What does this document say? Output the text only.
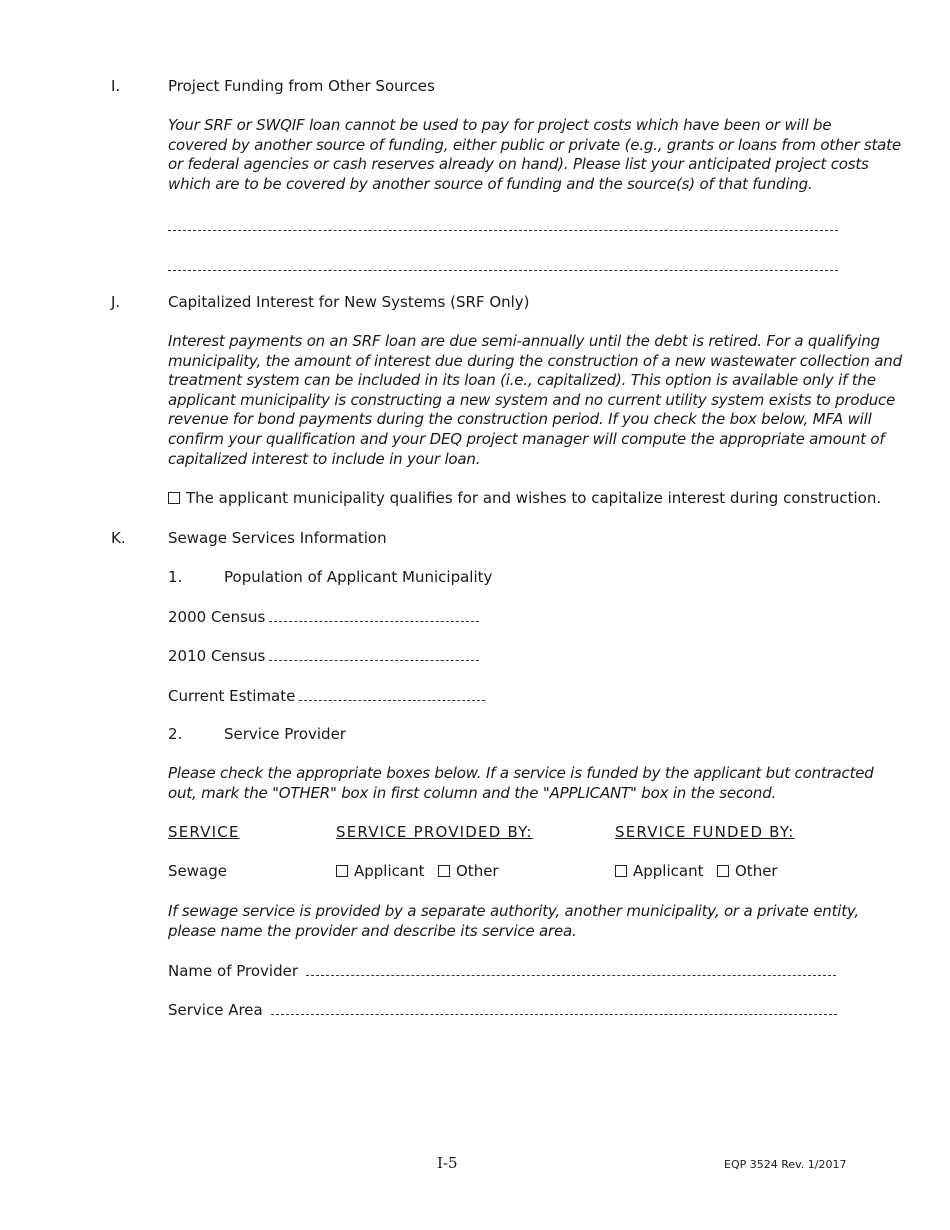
I.	Project Funding from Other Sources
Your SRF or SWQIF loan cannot be used to pay for project costs which have been or will be
covered by another source of funding, either public or private (e.g., grants or loans from other state
or federal agencies or cash reserves already on hand). Please list your anticipated project costs
which are to be covered by another source of funding and the source(s) of that funding.
J.	Capitalized Interest for New Systems (SRF Only)
Interest payments on an SRF loan are due semi-annually until the debt is retired. For a qualifying
municipality, the amount of interest due during the construction of a new wastewater collection and
treatment system can be included in its loan (i.e., capitalized). This option is available only if the
applicant municipality is constructing a new system and no current utility system exists to produce
revenue for bond payments during the construction period. If you check the box below, MFA will
confirm your qualification and your DEQ project manager will compute the appropriate amount of
capitalized interest to include in your loan.
The applicant municipality qualifies for and wishes to capitalize interest during construction.
K.	Sewage Services Information
1.	Population of Applicant Municipality
2000 Census
2010 Census
Current Estimate
2.	Service Provider
Please check the appropriate boxes below. If a service is funded by the applicant but contracted
out, mark the "OTHER" box in first column and the "APPLICANT" box in the second.
SERVICE	SERVICE PROVIDED BY:	SERVICE FUNDED BY:
Sewage	Applicant	Other	Applicant	Other
If sewage service is provided by a separate authority, another municipality, or a private entity,
please name the provider and describe its service area.
Name of Provider
Service Area
I-5	EQP 3524 Rev. 1/2017
